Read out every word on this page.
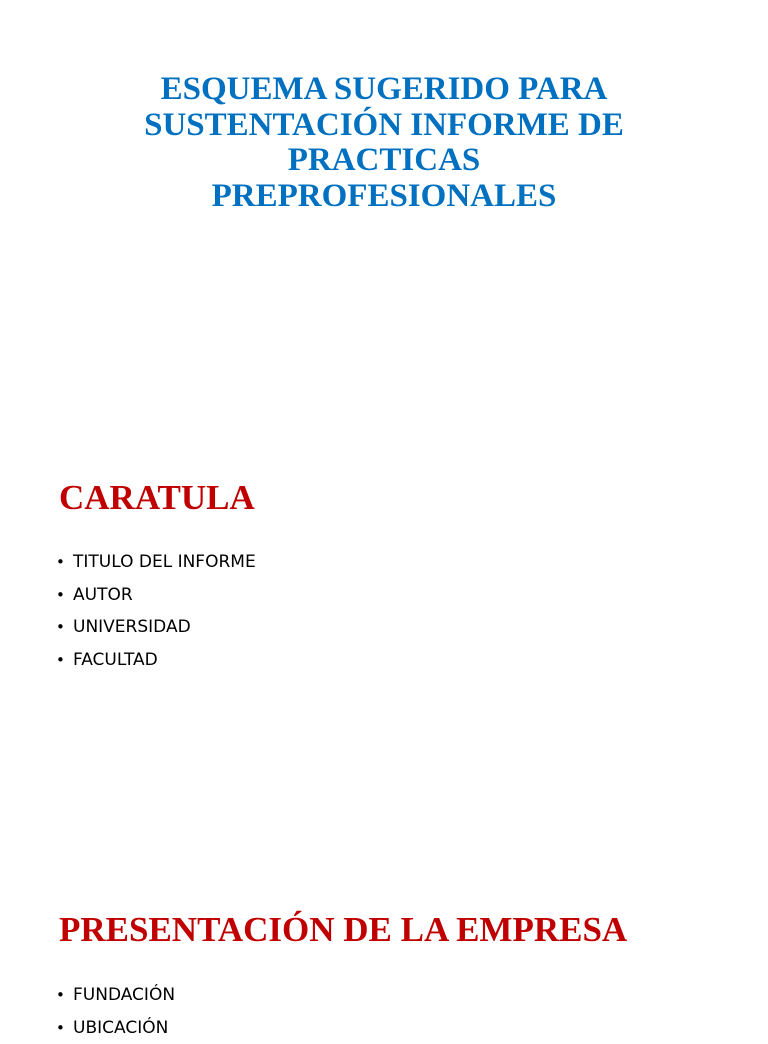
ESQUEMA SUGERIDO PARA
SUSTENTACIÓN INFORME DE
PRACTICAS
PREPROFESIONALES
CARATULA
• TITULO DEL INFORME
• AUTOR
• UNIVERSIDAD
• FACULTAD
PRESENTACIÓN DE LA EMPRESA
• FUNDACIÓN
• UBICACIÓN
